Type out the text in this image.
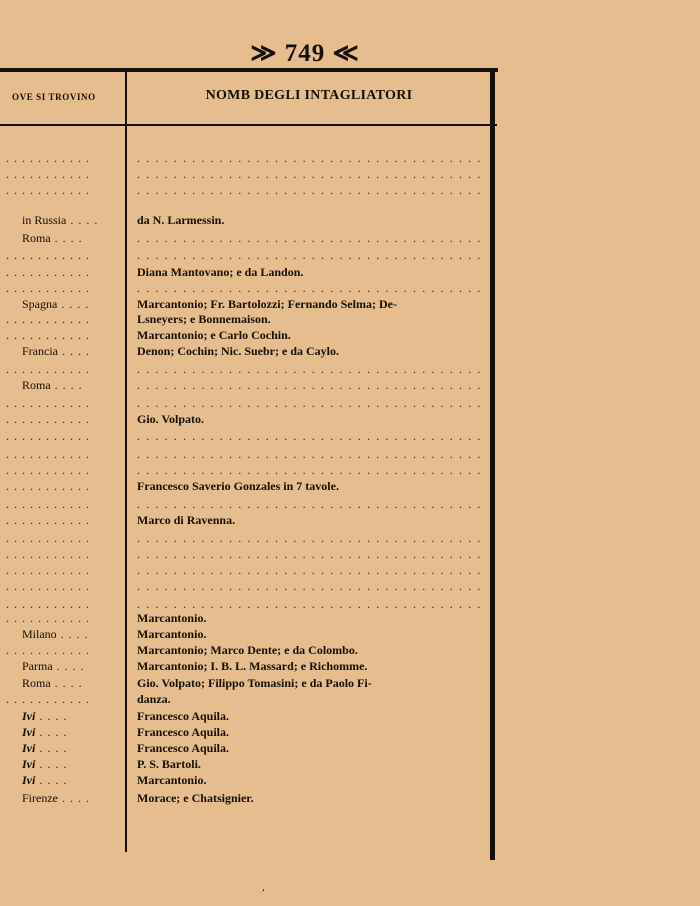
≫ 749 ≪
OVE SI TROVINO	NOMB DEGLI INTAGLIATORI
. . . . . . . . . . .	. . . . . . . . . . . . . . . . . . . . . . . . . . . . . . . . . . . . . .
. . . . . . . . . . .	. . . . . . . . . . . . . . . . . . . . . . . . . . . . . . . . . . . . . .
. . . . . . . . . . .	. . . . . . . . . . . . . . . . . . . . . . . . . . . . . . . . . . . . . .
in Russia . . . .	da N. Larmessin.
Roma . . . .	. . . . . . . . . . . . . . . . . . . . . . . . . . . . . . . . . . . . . .
. . . . . . . . . . .	. . . . . . . . . . . . . . . . . . . . . . . . . . . . . . . . . . . . . .
. . . . . . . . . . .	Diana Mantovano; e da Landon.
. . . . . . . . . . .	. . . . . . . . . . . . . . . . . . . . . . . . . . . . . . . . . . . . . .
Spagna . . . .	Marcantonio; Fr. Bartolozzi; Fernando Selma; De-
. . . . . . . . . . .	Lsneyers; e Bonnemaison.
. . . . . . . . . . .	Marcantonio; e Carlo Cochin.
Francia . . . .	Denon; Cochin; Nic. Suebr; e da Caylo.
. . . . . . . . . . .	. . . . . . . . . . . . . . . . . . . . . . . . . . . . . . . . . . . . . .
Roma . . . .	. . . . . . . . . . . . . . . . . . . . . . . . . . . . . . . . . . . . . .
. . . . . . . . . . .	. . . . . . . . . . . . . . . . . . . . . . . . . . . . . . . . . . . . . .
. . . . . . . . . . .	Gio. Volpato.
. . . . . . . . . . .	. . . . . . . . . . . . . . . . . . . . . . . . . . . . . . . . . . . . . .
. . . . . . . . . . .	. . . . . . . . . . . . . . . . . . . . . . . . . . . . . . . . . . . . . .
. . . . . . . . . . .	. . . . . . . . . . . . . . . . . . . . . . . . . . . . . . . . . . . . . .
. . . . . . . . . . .	Francesco Saverio Gonzales in 7 tavole.
. . . . . . . . . . .	. . . . . . . . . . . . . . . . . . . . . . . . . . . . . . . . . . . . . .
. . . . . . . . . . .	Marco di Ravenna.
. . . . . . . . . . .	. . . . . . . . . . . . . . . . . . . . . . . . . . . . . . . . . . . . . .
. . . . . . . . . . .	. . . . . . . . . . . . . . . . . . . . . . . . . . . . . . . . . . . . . .
. . . . . . . . . . .	. . . . . . . . . . . . . . . . . . . . . . . . . . . . . . . . . . . . . .
. . . . . . . . . . .	. . . . . . . . . . . . . . . . . . . . . . . . . . . . . . . . . . . . . .
. . . . . . . . . . .	. . . . . . . . . . . . . . . . . . . . . . . . . . . . . . . . . . . . . .
. . . . . . . . . . .	Marcantonio.
Milano . . . .	Marcantonio.
. . . . . . . . . . .	Marcantonio; Marco Dente; e da Colombo.
Parma . . . .	Marcantonio; I. B. L. Massard; e Richomme.
Roma . . . .	Gio. Volpato; Filippo Tomasini; e da Paolo Fi-
. . . . . . . . . . .	danza.
Ivi . . . .	Francesco Aquila.
Ivi . . . .	Francesco Aquila.
Ivi . . . .	Francesco Aquila.
Ivi . . . .	P. S. Bartoli.
Ivi . . . .	Marcantonio.
Firenze . . . .	Morace; e Chatsignier.
,
